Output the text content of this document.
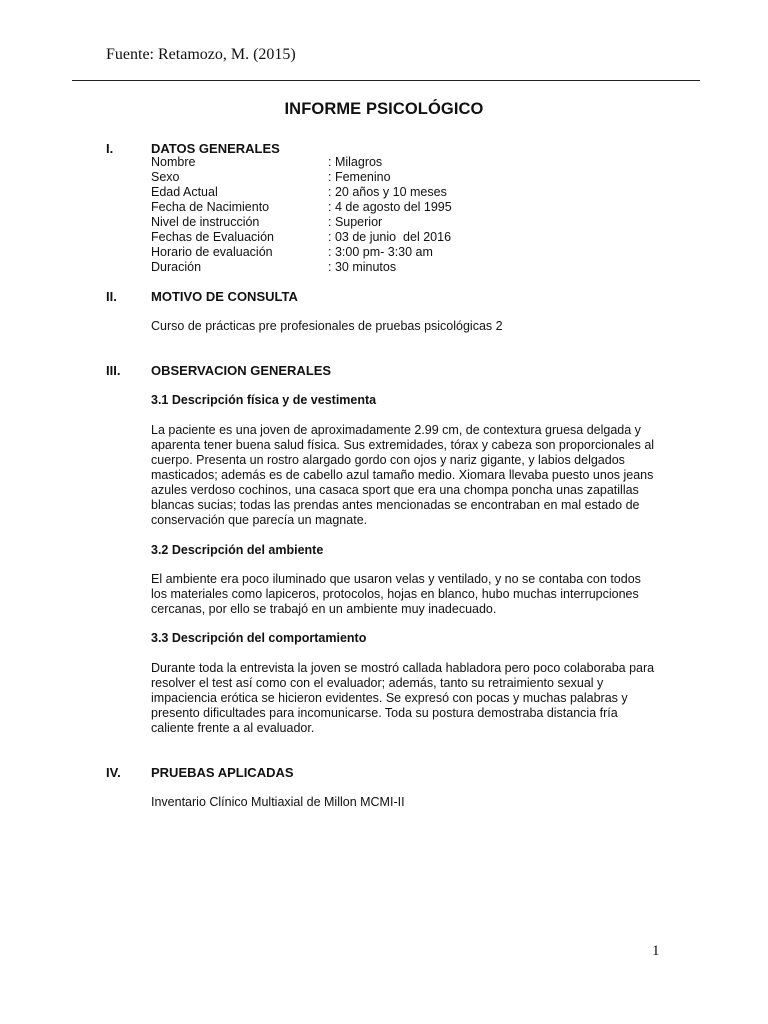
Fuente: Retamozo, M. (2015)
INFORME PSICOLÓGICO
I.	DATOS GENERALES
Nombre	: Milagros
Sexo	: Femenino
Edad Actual	: 20 años y 10 meses
Fecha de Nacimiento	: 4 de agosto del 1995
Nivel de instrucción	: Superior
Fechas de Evaluación	: 03 de junio  del 2016
Horario de evaluación	: 3:00 pm- 3:30 am
Duración	: 30 minutos
II.	MOTIVO DE CONSULTA
Curso de prácticas pre profesionales de pruebas psicológicas 2
III. OBSERVACION GENERALES
3.1 Descripción física y de vestimenta
La paciente es una joven de aproximadamente 2.99 cm, de contextura gruesa delgada y
aparenta tener buena salud física. Sus extremidades, tórax y cabeza son proporcionales al
cuerpo. Presenta un rostro alargado gordo con ojos y nariz gigante, y labios delgados
masticados; además es de cabello azul tamaño medio. Xiomara llevaba puesto unos jeans
azules verdoso cochinos, una casaca sport que era una chompa poncha unas zapatillas
blancas sucias; todas las prendas antes mencionadas se encontraban en mal estado de
conservación que parecía un magnate.
3.2 Descripción del ambiente
El ambiente era poco iluminado que usaron velas y ventilado, y no se contaba con todos
los materiales como lapiceros, protocolos, hojas en blanco, hubo muchas interrupciones
cercanas, por ello se trabajó en un ambiente muy inadecuado.
3.3 Descripción del comportamiento
Durante toda la entrevista la joven se mostró callada habladora pero poco colaboraba para
resolver el test así como con el evaluador; además, tanto su retraimiento sexual y
impaciencia erótica se hicieron evidentes. Se expresó con pocas y muchas palabras y
presento dificultades para incomunicarse. Toda su postura demostraba distancia fría
caliente frente a al evaluador.
IV. PRUEBAS APLICADAS
Inventario Clínico Multiaxial de Millon MCMI-II
1
